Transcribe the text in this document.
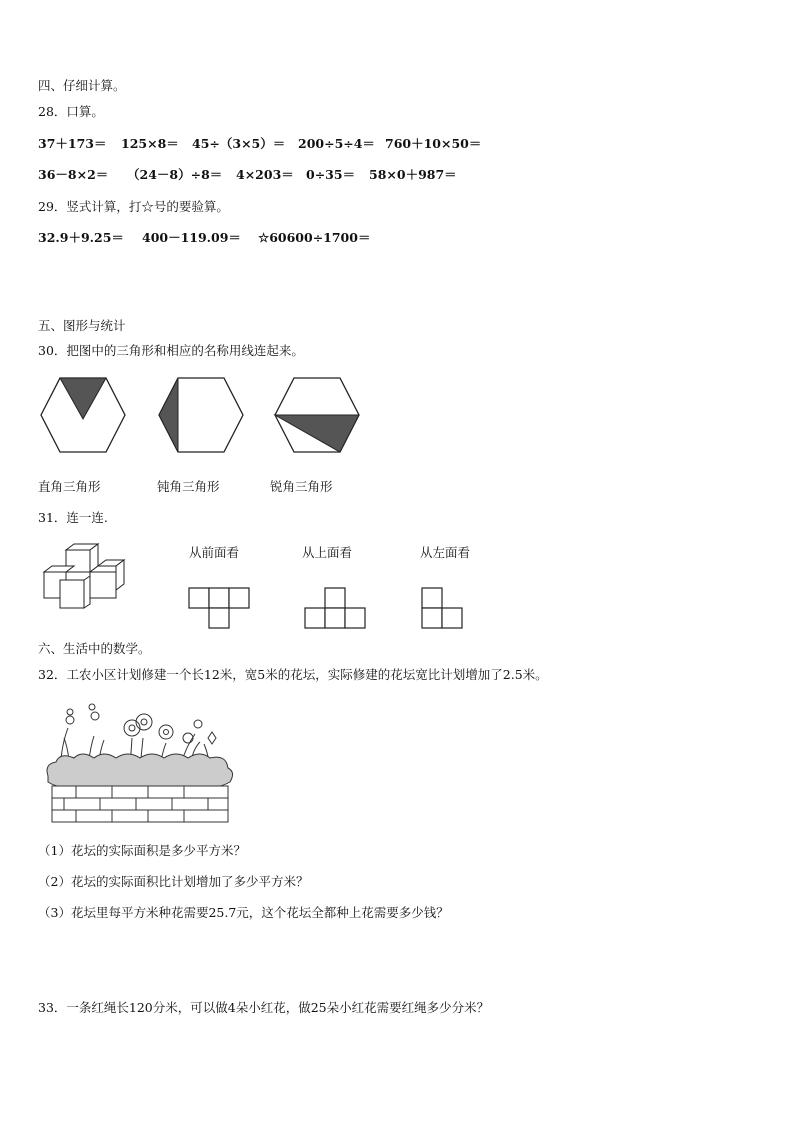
四、仔细计算。
28．口算。
37＋173＝ 125×8＝ 45÷（3×5）＝ 200÷5÷4＝ 760＋10×50＝
36－8×2＝ （24－8）÷8＝ 4×203＝ 0÷35＝ 58×0＋987＝
29．竖式计算，打☆号的要验算。
32.9＋9.25＝ 400－119.09＝ ☆60600÷1700＝
五、图形与统计
30．把图中的三角形和相应的名称用线连起来。
直角三角形	钝角三角形	锐角三角形
31．连一连.
从前面看	从上面看	从左面看
六、生活中的数学。
32．工农小区计划修建一个长12米，宽5米的花坛，实际修建的花坛宽比计划增加了2.5米。
（1）花坛的实际面积是多少平方米？
（2）花坛的实际面积比计划增加了多少平方米？
（3）花坛里每平方米种花需要25.7元，这个花坛全都种上花需要多少钱？
33．一条红绳长120分米，可以做4朵小红花，做25朵小红花需要红绳多少分米？
